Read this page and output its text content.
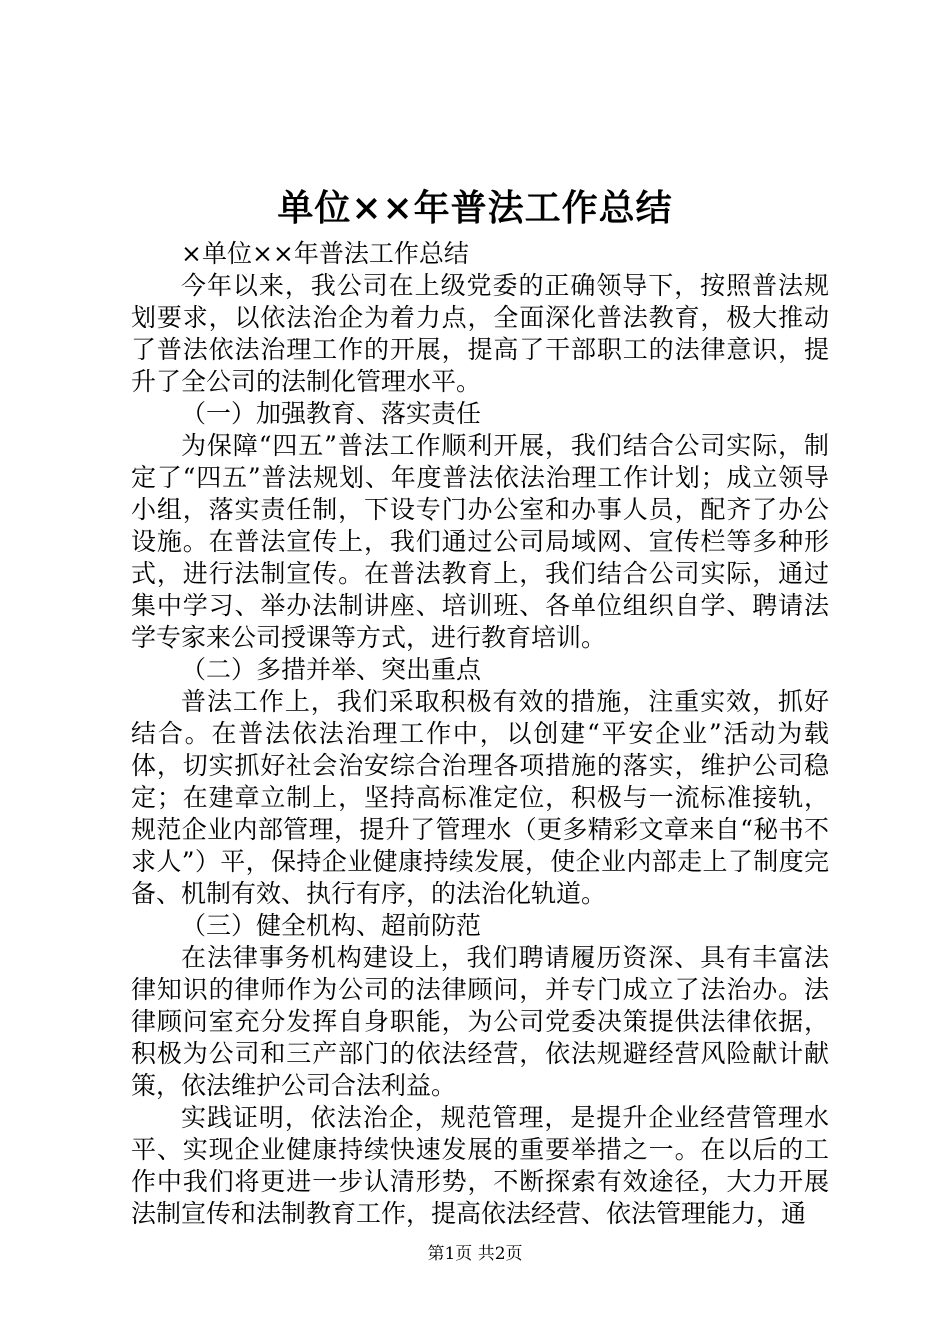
单位××年普法工作总结

×单位××年普法工作总结

今年以来，我公司在上级党委的正确领导下，按照普法规划要求，以依法治企为着力点，全面深化普法教育，极大推动了普法依法治理工作的开展，提高了干部职工的法律意识，提升了全公司的法制化管理水平。

（一）加强教育、落实责任

为保障“四五”普法工作顺利开展，我们结合公司实际，制定了“四五”普法规划、年度普法依法治理工作计划；成立领导小组，落实责任制，下设专门办公室和办事人员，配齐了办公设施。在普法宣传上，我们通过公司局域网、宣传栏等多种形式，进行法制宣传。在普法教育上，我们结合公司实际，通过集中学习、举办法制讲座、培训班、各单位组织自学、聘请法学专家来公司授课等方式，进行教育培训。

（二）多措并举、突出重点

普法工作上，我们采取积极有效的措施，注重实效，抓好结合。在普法依法治理工作中，以创建“平安企业”活动为载体，切实抓好社会治安综合治理各项措施的落实，维护公司稳定；在建章立制上，坚持高标准定位，积极与一流标准接轨，规范企业内部管理，提升了管理水（更多精彩文章来自“秘书不求人”）平，保持企业健康持续发展，使企业内部走上了制度完备、机制有效、执行有序，的法治化轨道。

（三）健全机构、超前防范

在法律事务机构建设上，我们聘请履历资深、具有丰富法律知识的律师作为公司的法律顾问，并专门成立了法治办。法律顾问室充分发挥自身职能，为公司党委决策提供法律依据，积极为公司和三产部门的依法经营，依法规避经营风险献计献策，依法维护公司合法利益。

实践证明，依法治企，规范管理，是提升企业经营管理水平、实现企业健康持续快速发展的重要举措之一。在以后的工作中我们将更进一步认清形势，不断探索有效途径，大力开展法制宣传和法制教育工作，提高依法经营、依法管理能力，通

第1页 共2页
